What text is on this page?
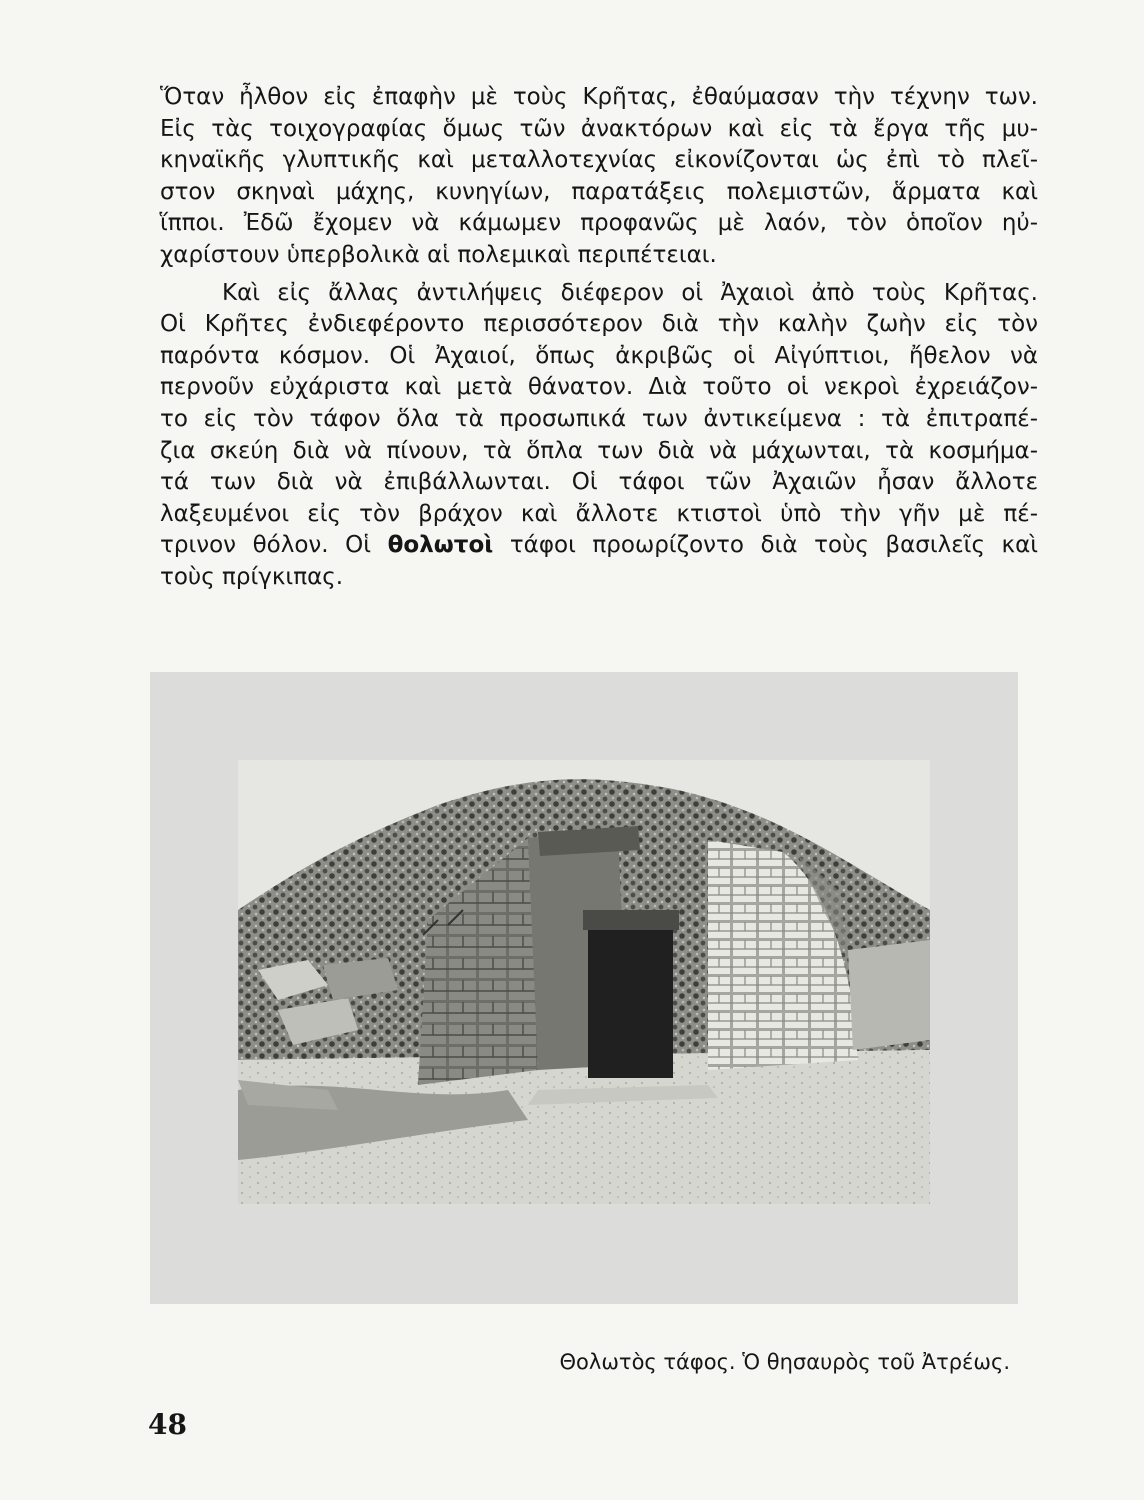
Ὅταν ἦλθον εἰς ἐπαφὴν μὲ τοὺς Κρῆτας, ἐθαύμασαν τὴν τέχνην των.
Εἰς τὰς τοιχογραφίας ὅμως τῶν ἀνακτόρων καὶ εἰς τὰ ἔργα τῆς μυ-
κηναϊκῆς γλυπτικῆς καὶ μεταλλοτεχνίας εἰκονίζονται ὡς ἐπὶ τὸ πλεῖ-
στον σκηναὶ μάχης, κυνηγίων, παρατάξεις πολεμιστῶν, ἅρματα καὶ
ἵπποι. Ἐδῶ ἔχομεν νὰ κάμωμεν προφανῶς μὲ λαόν, τὸν ὁποῖον ηὐ-
χαρίστουν ὑπερβολικὰ αἱ πολεμικαὶ περιπέτειαι.
Καὶ εἰς ἄλλας ἀντιλήψεις διέφερον οἱ Ἀχαιοὶ ἀπὸ τοὺς Κρῆτας.
Οἱ Κρῆτες ἐνδιεφέροντο περισσότερον διὰ τὴν καλὴν ζωὴν εἰς τὸν
παρόντα κόσμον. Οἱ Ἀχαιοί, ὅπως ἀκριβῶς οἱ Αἰγύπτιοι, ἤθελον νὰ
περνοῦν εὐχάριστα καὶ μετὰ θάνατον. Διὰ τοῦτο οἱ νεκροὶ ἐχρειάζον-
το εἰς τὸν τάφον ὅλα τὰ προσωπικά των ἀντικείμενα : τὰ ἐπιτραπέ-
ζια σκεύη διὰ νὰ πίνουν, τὰ ὅπλα των διὰ νὰ μάχωνται, τὰ κοσμήμα-
τά των διὰ νὰ ἐπιβάλλωνται. Οἱ τάφοι τῶν Ἀχαιῶν ἦσαν ἄλλοτε
λαξευμένοι εἰς τὸν βράχον καὶ ἄλλοτε κτιστοὶ ὑπὸ τὴν γῆν μὲ πέ-
τρινον θόλον. Οἱ θολωτοὶ τάφοι προωρίζοντο διὰ τοὺς βασιλεῖς καὶ
τοὺς πρίγκιπας.
Θολωτὸς τάφος. Ὁ θησαυρὸς τοῦ Ἀτρέως.
48
